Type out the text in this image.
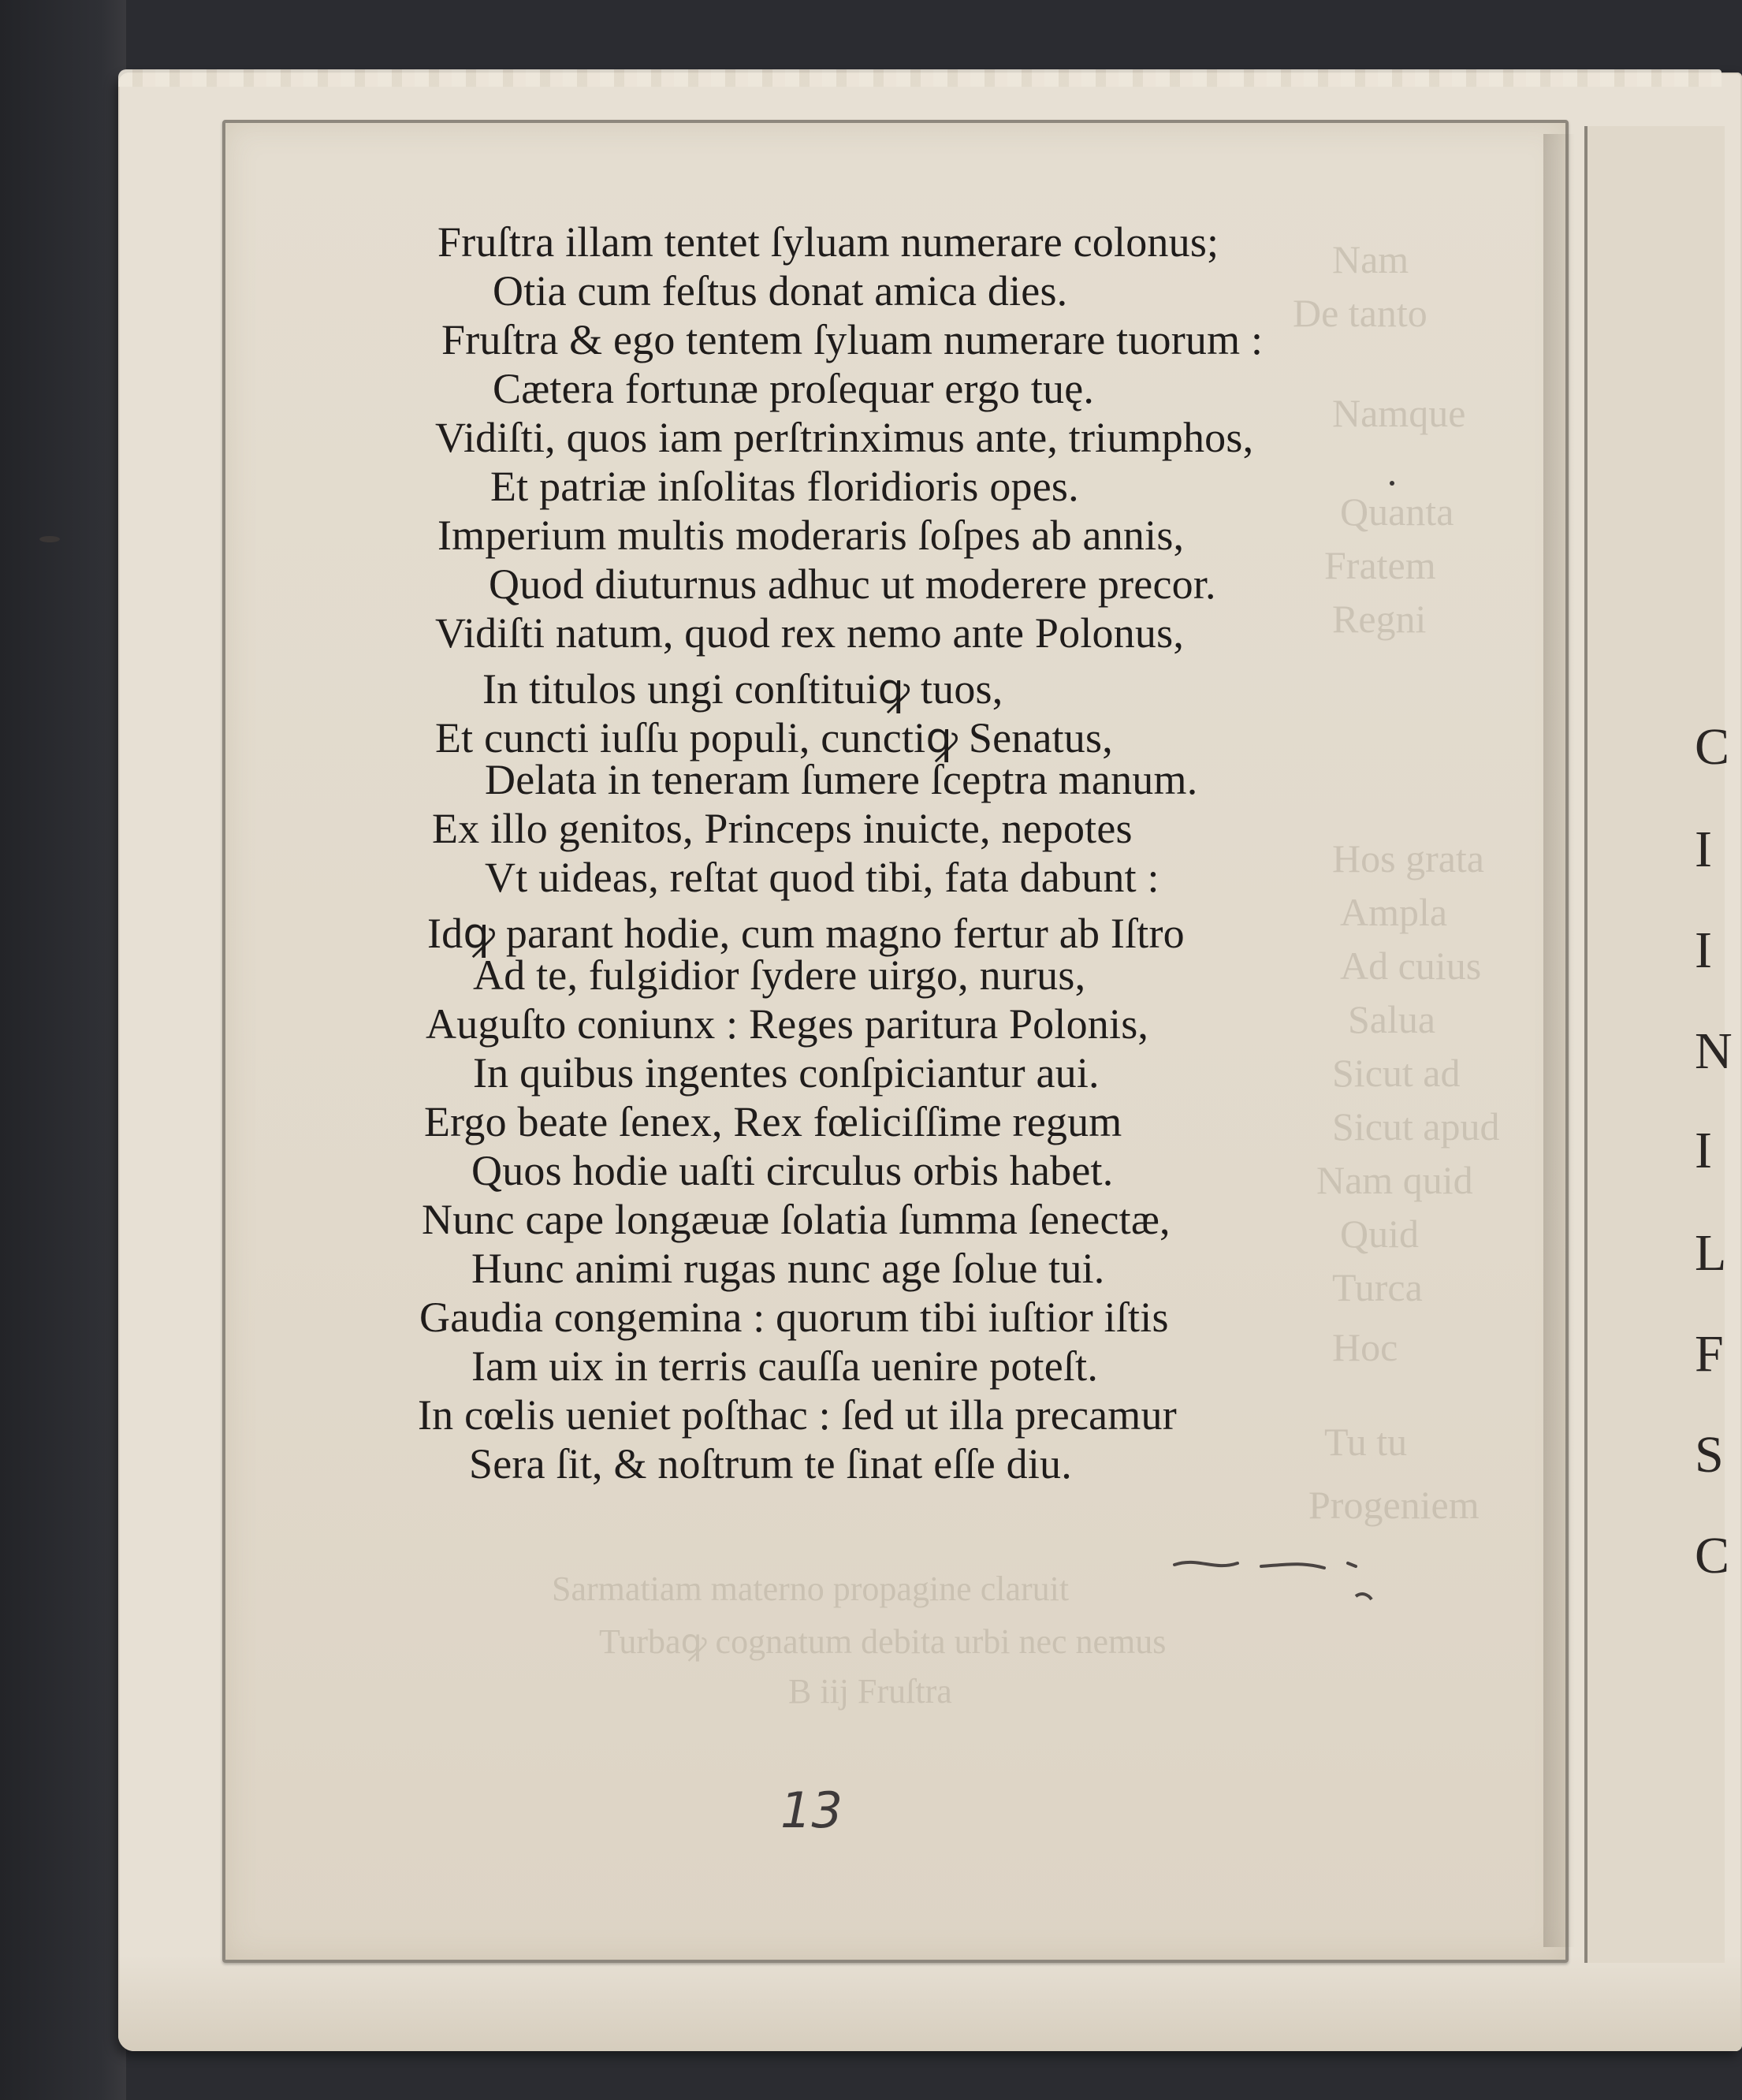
C
I
I
N
I
L
F
S
C
Nam
De tanto
Namque
Quanta
Fratem
Regni
Hos grata
Ampla
Ad cuius
Salua
Sicut ad
Sicut apud
Nam quid
Quid
Turca
Hoc
Tu tu
Progeniem
Sarmatiam materno propagine claruit
Turbaꝙ cognatum debita urbi nec nemus
B iij Fruſtra
Fruſtra illam tentet ſyluam numerare colonus;
Otia cum feſtus donat amica dies.
Fruſtra & ego tentem ſyluam numerare tuorum :
Cætera fortunæ proſequar ergo tuę.
Vidiſti, quos iam perſtrinximus ante, triumphos,
Et patriæ inſolitas floridioris opes.
Imperium multis moderaris ſoſpes ab annis,
Quod diuturnus adhuc ut moderere precor.
Vidiſti natum, quod rex nemo ante Polonus,
In titulos ungi conſtituiꝙ tuos,
Et cuncti iuſſu populi, cunctiꝙ Senatus,
Delata in teneram ſumere ſceptra manum.
Ex illo genitos, Princeps inuicte, nepotes
Vt uideas, reſtat quod tibi, fata dabunt :
Idꝙ parant hodie, cum magno fertur ab Iſtro
Ad te, fulgidior ſydere uirgo, nurus,
Auguſto coniunx : Reges paritura Polonis,
In quibus ingentes conſpiciantur aui.
Ergo beate ſenex, Rex fœliciſſime regum
Quos hodie uaſti circulus orbis habet.
Nunc cape longæuæ ſolatia ſumma ſenectæ,
Hunc animi rugas nunc age ſolue tui.
Gaudia congemina : quorum tibi iuſtior iſtis
Iam uix in terris cauſſa uenire poteſt.
In cœlis ueniet poſthac : ſed ut illa precamur
Sera ſit, & noſtrum te ſinat eſſe diu.
13
